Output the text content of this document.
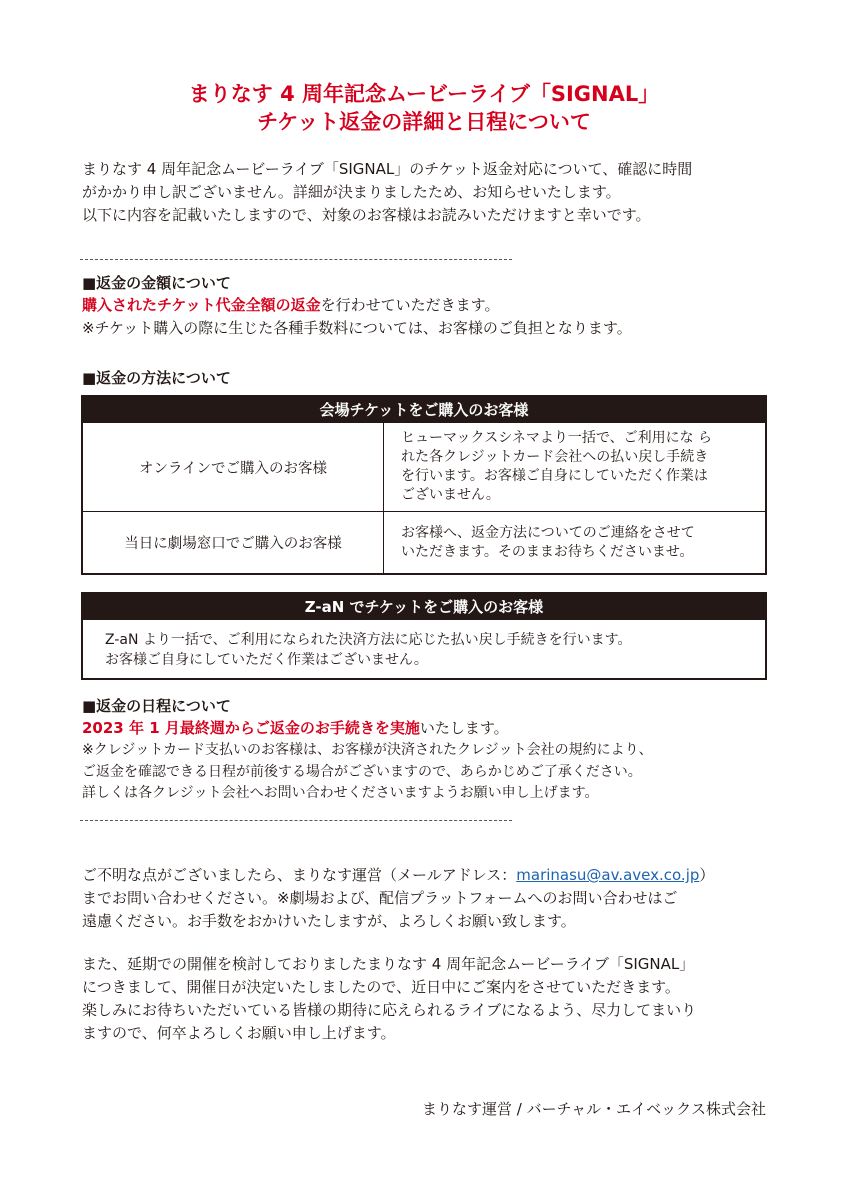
まりなす 4 周年記念ムービーライブ「SIGNAL」
チケット返金の詳細と日程について
まりなす 4 周年記念ムービーライブ「SIGNAL」のチケット返金対応について、確認に時間
がかかり申し訳ございません。詳細が決まりましたため、お知らせいたします。
以下に内容を記載いたしますので、対象のお客様はお読みいただけますと幸いです。
■返金の金額について
購入されたチケット代金全額の返金を行わせていただきます。
※チケット購入の際に生じた各種手数料については、お客様のご負担となります。
■返金の方法について
会場チケットをご購入のお客様
オンラインでご購入のお客様
ヒューマックスシネマより一括で、ご利用にな ら
れた各クレジットカード会社への払い戻し手続き
を行います。お客様ご自身にしていただく作業は
ございません。
当日に劇場窓口でご購入のお客様
お客様へ、返金方法についてのご連絡をさせて
いただきます。そのままお待ちくださいませ。
Z-aN でチケットをご購入のお客様
Z-aN より一括で、ご利用になられた決済方法に応じた払い戻し手続きを行います。
お客様ご自身にしていただく作業はございません。
■返金の日程について
2023 年 1 月最終週からご返金のお手続きを実施いたします。
※クレジットカード支払いのお客様は、お客様が決済されたクレジット会社の規約により、
ご返金を確認できる日程が前後する場合がございますので、あらかじめご了承ください。
詳しくは各クレジット会社へお問い合わせくださいますようお願い申し上げます。
ご不明な点がございましたら、まりなす運営（メールアドレス：marinasu@av.avex.co.jp）
までお問い合わせください。※劇場および、配信プラットフォームへのお問い合わせはご
遠慮ください。お手数をおかけいたしますが、よろしくお願い致します。
また、延期での開催を検討しておりましたまりなす 4 周年記念ムービーライブ「SIGNAL」
につきまして、開催日が決定いたしましたので、近日中にご案内をさせていただきます。
楽しみにお待ちいただいている皆様の期待に応えられるライブになるよう、尽力してまいり
ますので、何卒よろしくお願い申し上げます。
まりなす運営 / バーチャル・エイベックス株式会社
